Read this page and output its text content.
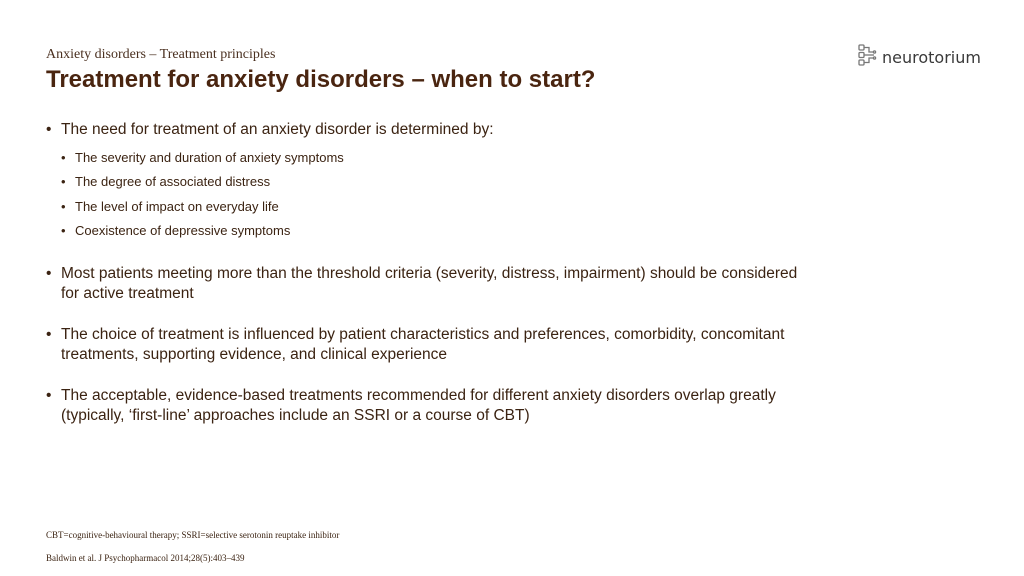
Anxiety disorders – Treatment principles
Treatment for anxiety disorders – when to start?
neurotorium
• The need for treatment of an anxiety disorder is determined by:
• The severity and duration of anxiety symptoms
• The degree of associated distress
• The level of impact on everyday life
• Coexistence of depressive symptoms
• Most patients meeting more than the threshold criteria (severity, distress, impairment) should be considered for active treatment
• The choice of treatment is influenced by patient characteristics and preferences, comorbidity, concomitant treatments, supporting evidence, and clinical experience
• The acceptable, evidence-based treatments recommended for different anxiety disorders overlap greatly (typically, ‘first-line’ approaches include an SSRI or a course of CBT)
CBT=cognitive-behavioural therapy; SSRI=selective serotonin reuptake inhibitor
Baldwin et al. J Psychopharmacol 2014;28(5):403–439
